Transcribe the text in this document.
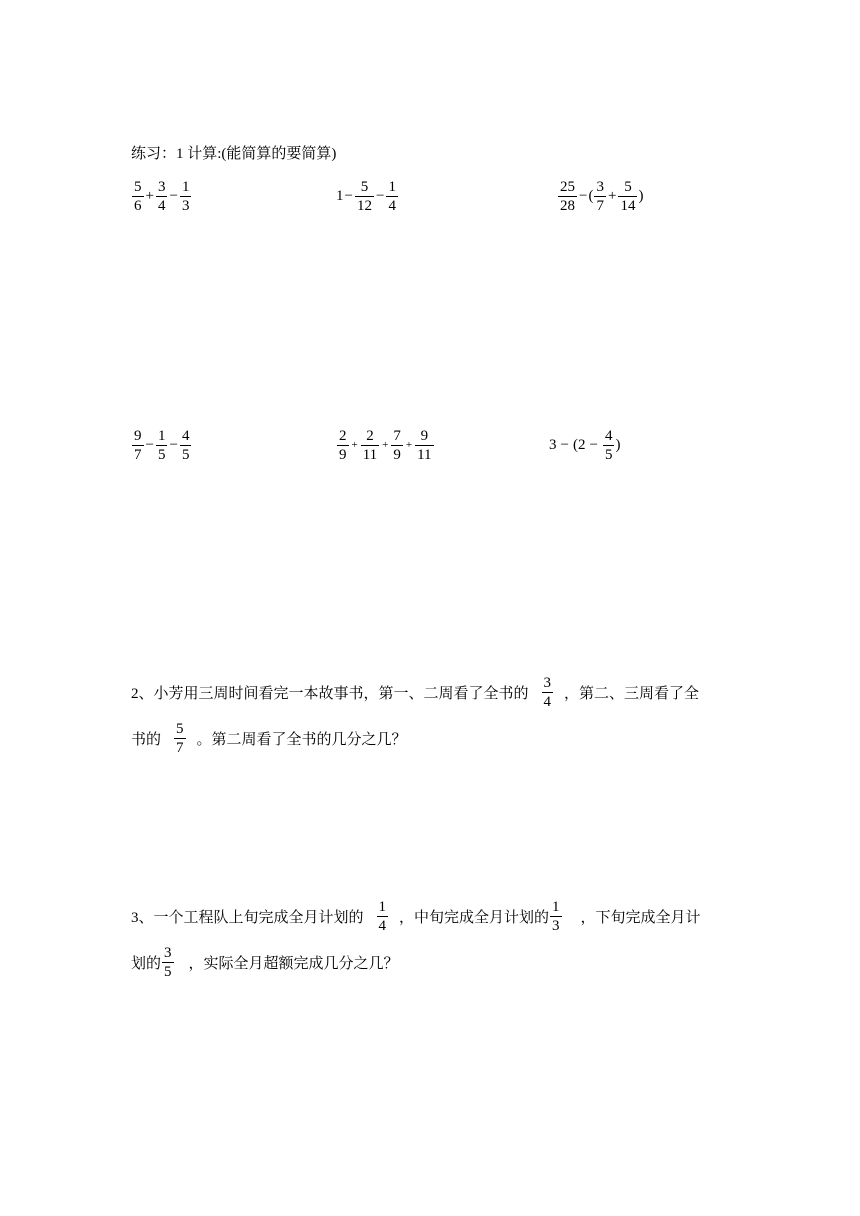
练习：1 计算:(能简算的要简算)
$\frac{5}{6} + \frac{3}{4} - \frac{1}{3}$	$1 - \frac{5}{12} - \frac{1}{4}$	$\frac{25}{28}$ − ( $\frac{3}{7} + \frac{5}{14}$ )
$\frac{9}{7} - \frac{1}{5} - \frac{4}{5}$	$\frac{2}{9} + \frac{2}{11} + \frac{7}{9} + \frac{9}{11}$	3 − ( $2 - \frac{4}{5}$ )
2、小芳用三周时间看完一本故事书，第一、二周看了全书的 $\frac{3}{4}$ ，第二、三周看了全
书的 $\frac{5}{7}$ 。第二周看了全书的几分之几？
3、一个工程队上旬完成全月计划的 $\frac{1}{4}$ ，中旬完成全月计划的 $\frac{1}{3}$ ，下旬完成全月计
划的 $\frac{3}{5}$ ，实际全月超额完成几分之几？
